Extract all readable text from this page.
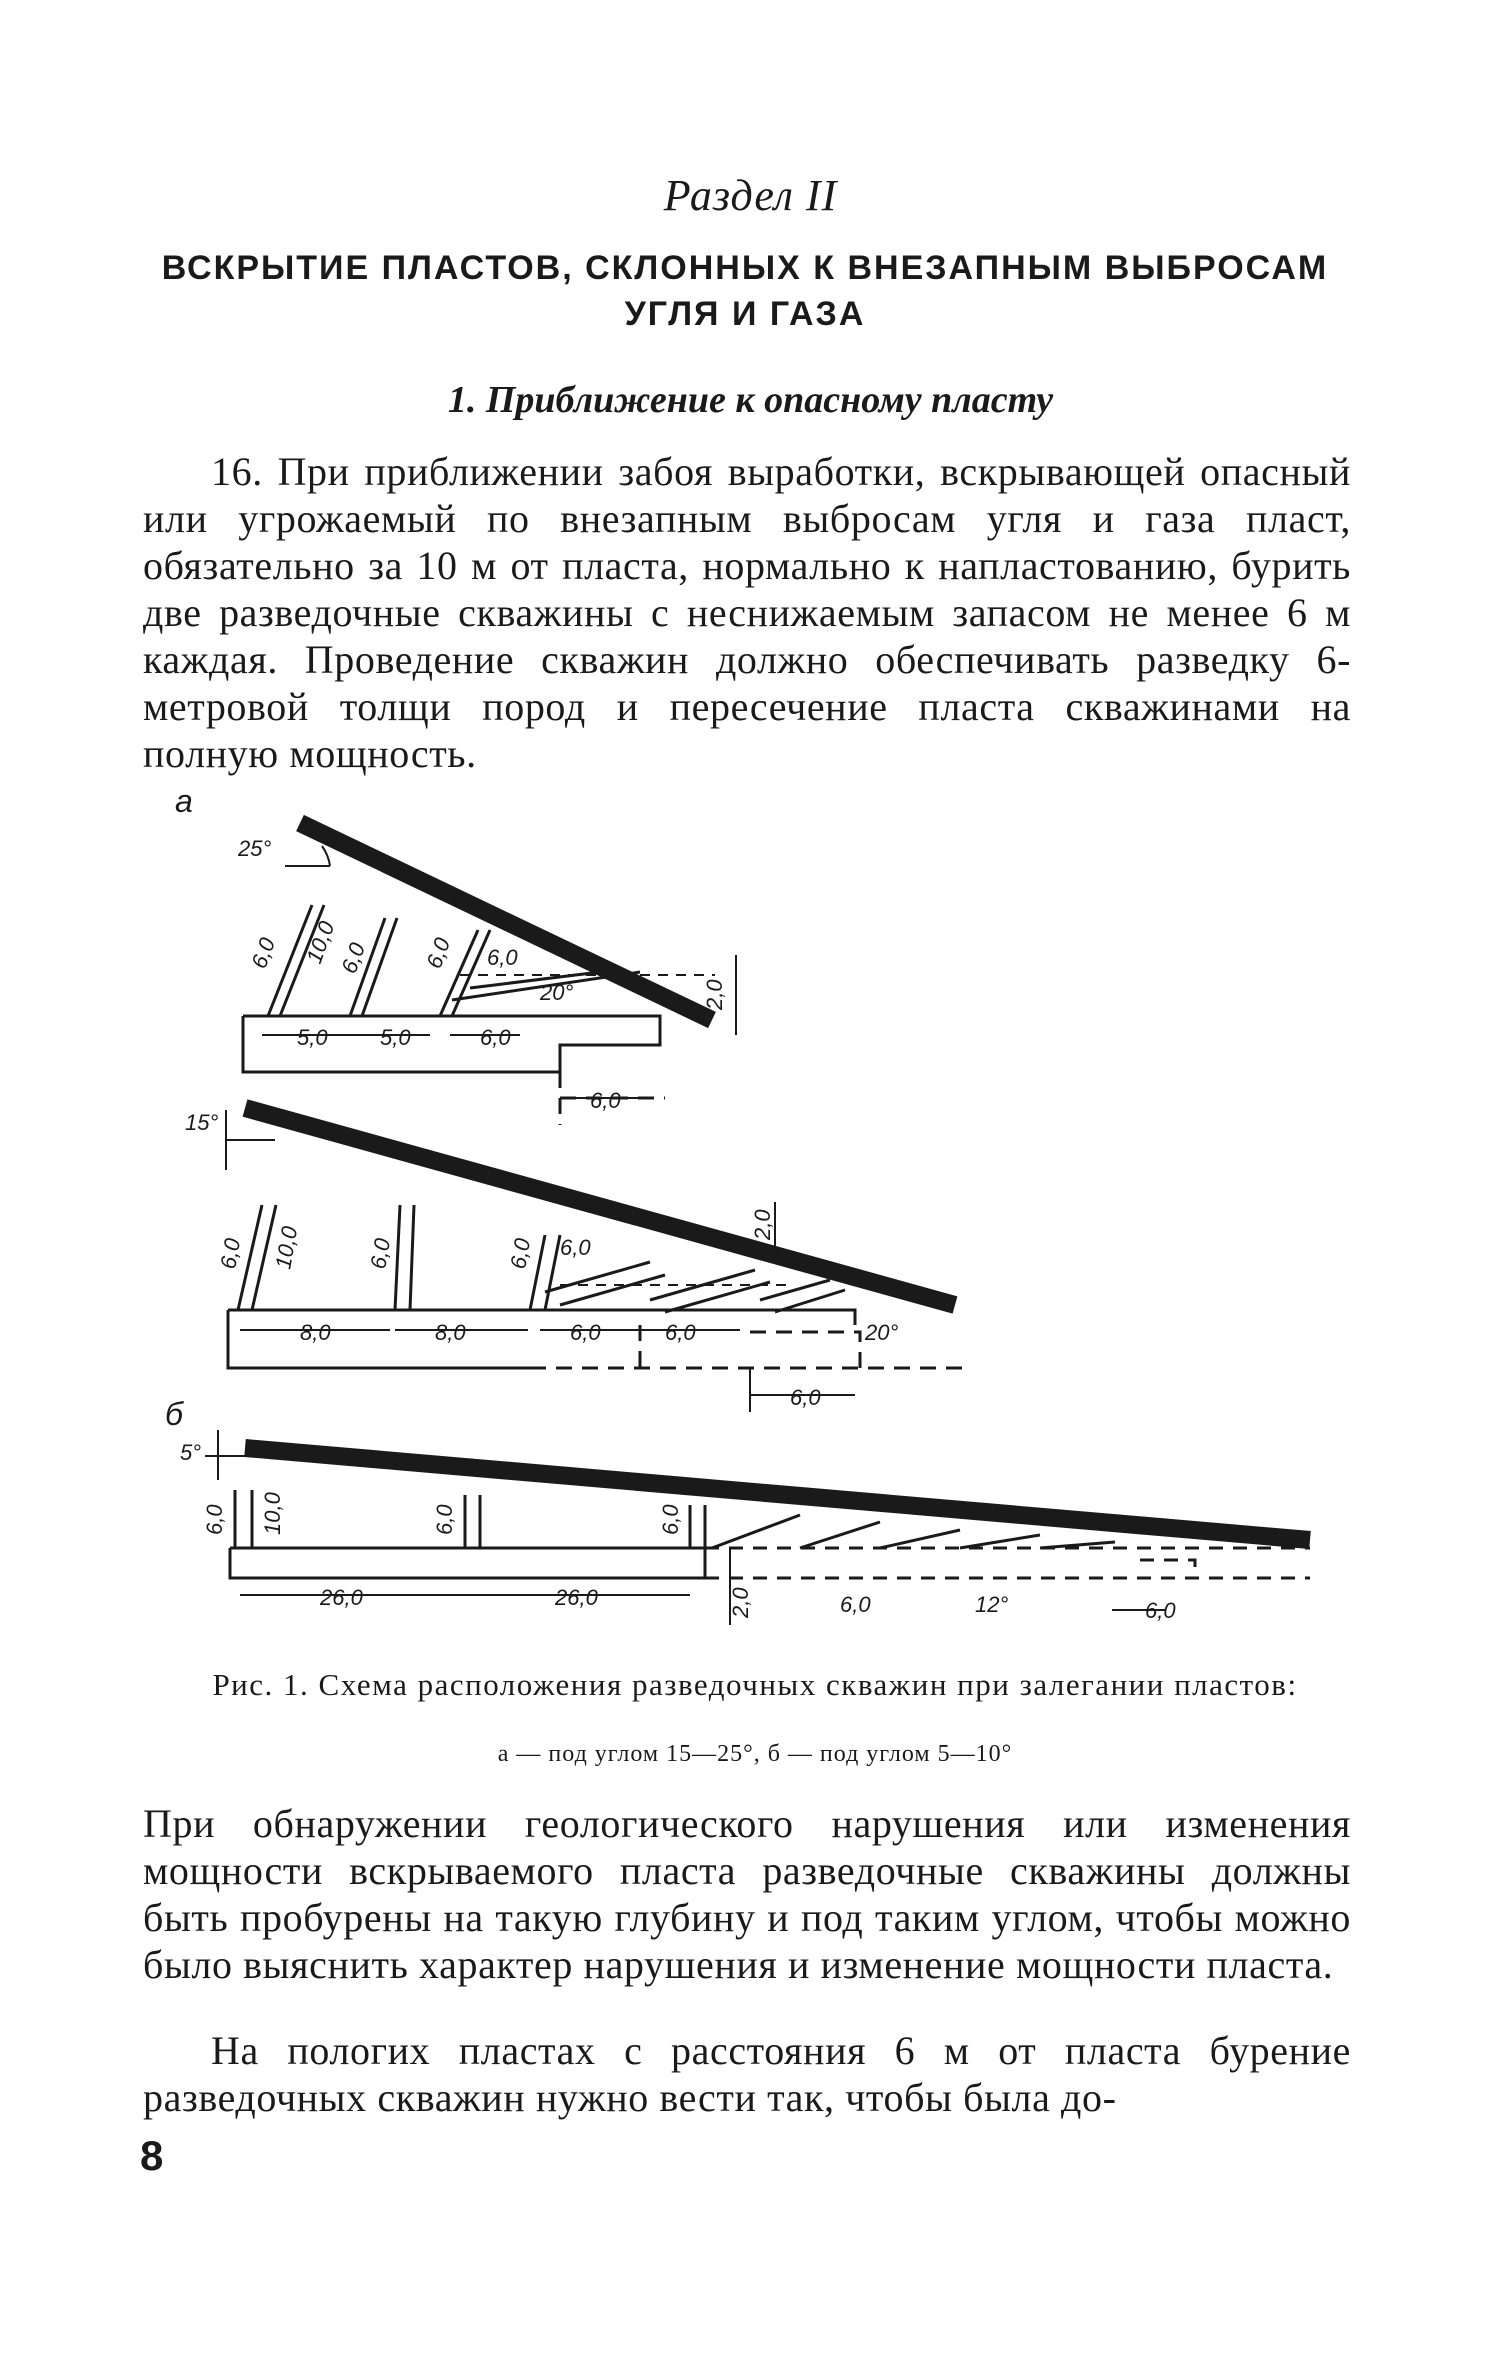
Раздел II
ВСКРЫТИЕ ПЛАСТОВ, СКЛОННЫХ К ВНЕЗАПНЫМ ВЫБРОСАМ УГЛЯ И ГАЗА
1. Приближение к опасному пласту
16. При приближении забоя выработки, вскрывающей опасный или угрожаемый по внезапным выбросам угля и газа пласт, обязательно за 10 м от пласта, нормально к напластованию, бурить две разведочные скважины с неснижаемым запасом не менее 6 м каждая. Проведение скважин должно обеспечивать разведку 6-метровой толщи пород и пересечение пласта скважинами на полную мощность.
а
б
25°
6,0 10,0
6,0 6,0 6,0
20°	2,0
5,0 5,0	6,0
6,0
15°
6,0 10,0	6,0	6,0 6,0
2,0
8,0	8,0	6,0	6,0	20°
6,0
5°
6,0 10,0	6,0	6,0
26,0	26,0	2,0	6,0	12°	6,0
Рис. 1. Схема расположения разведочных скважин при залегании пластов:
а — под углом 15—25°, б — под углом 5—10°
При обнаружении геологического нарушения или изменения мощности вскрываемого пласта разведочные скважины должны быть пробурены на такую глубину и под таким углом, чтобы можно было выяснить характер нарушения и изменение мощности пласта.
На пологих пластах с расстояния 6 м от пласта бурение разведочных скважин нужно вести так, чтобы была до-
8
